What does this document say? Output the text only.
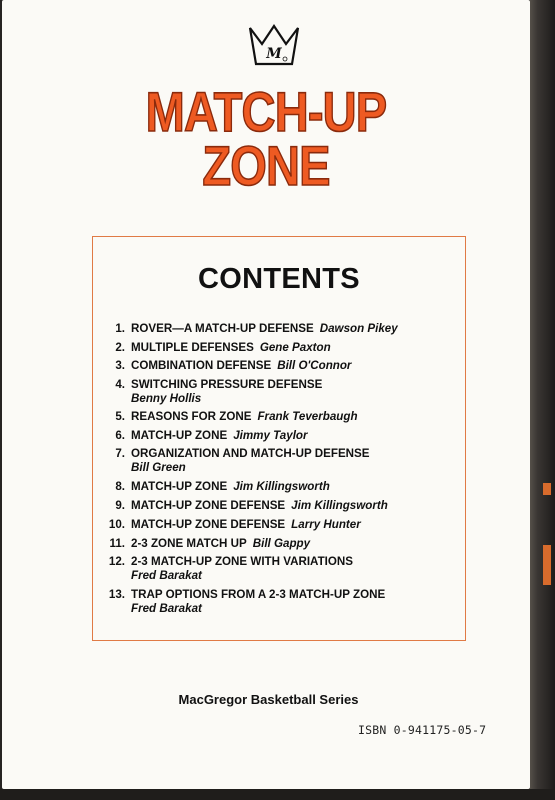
M
MATCH-UP
ZONE
CONTENTS
1. ROVER—A MATCH-UP DEFENSE Dawson Pikey
2. MULTIPLE DEFENSES Gene Paxton
3. COMBINATION DEFENSE Bill O'Connor
4. SWITCHING PRESSURE DEFENSE
Benny Hollis
5. REASONS FOR ZONE Frank Teverbaugh
6. MATCH-UP ZONE Jimmy Taylor
7. ORGANIZATION AND MATCH-UP DEFENSE
Bill Green
8. MATCH-UP ZONE Jim Killingsworth
9. MATCH-UP ZONE DEFENSE Jim Killingsworth
10. MATCH-UP ZONE DEFENSE Larry Hunter
11. 2-3 ZONE MATCH UP Bill Gappy
12. 2-3 MATCH-UP ZONE WITH VARIATIONS
Fred Barakat
13. TRAP OPTIONS FROM A 2-3 MATCH-UP ZONE
Fred Barakat
MacGregor Basketball Series
ISBN 0-941175-05-7
